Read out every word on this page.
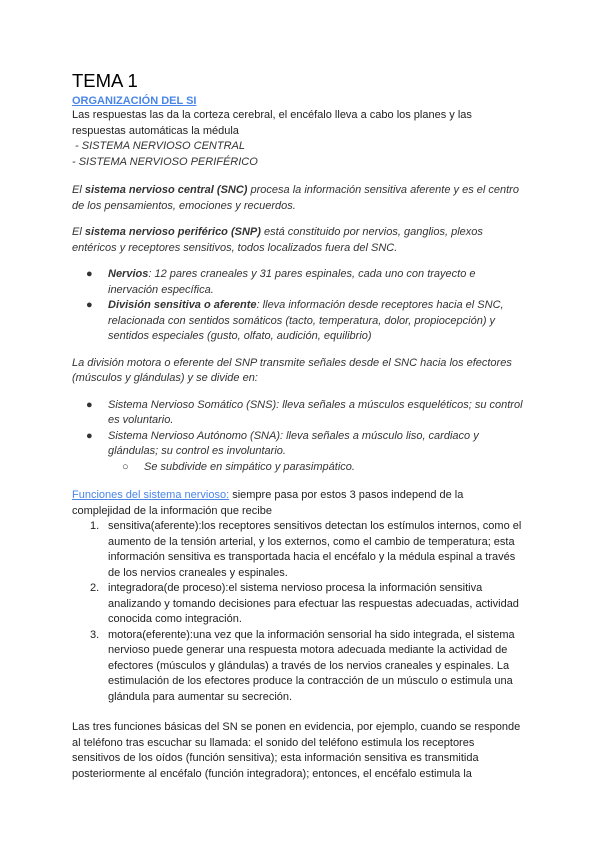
TEMA 1
ORGANIZACIÓN DEL SI

Las respuestas las da la corteza cerebral, el encéfalo lleva a cabo los planes y las

respuestas automáticas la médula

- SISTEMA NERVIOSO CENTRAL

- SISTEMA NERVIOSO PERIFÉRICO

El sistema nervioso central (SNC) procesa la información sensitiva aferente y es el centro

de los pensamientos, emociones y recuerdos.

El sistema nervioso periférico (SNP) está constituido por nervios, ganglios, plexos

entéricos y receptores sensitivos, todos localizados fuera del SNC.

● Nervios: 12 pares craneales y 31 pares espinales, cada uno con trayecto e
inervación específica.
● División sensitiva o aferente: lleva información desde receptores hacia el SNC,
relacionada con sentidos somáticos (tacto, temperatura, dolor, propiocepción) y
sentidos especiales (gusto, olfato, audición, equilibrio)

La división motora o eferente del SNP transmite señales desde el SNC hacia los efectores

(músculos y glándulas) y se divide en:

● Sistema Nervioso Somático (SNS): lleva señales a músculos esqueléticos; su control
es voluntario.
● Sistema Nervioso Autónomo (SNA): lleva señales a músculo liso, cardiaco y
glándulas; su control es involuntario.
○ Se subdivide en simpático y parasimpático.

Funciones del sistema nervioso: siempre pasa por estos 3 pasos independ de la

complejidad de la información que recibe

1. sensitiva(aferente):los receptores sensitivos detectan los estímulos internos, como el
aumento de la tensión arterial, y los externos, como el cambio de temperatura; esta
información sensitiva es transportada hacia el encéfalo y la médula espinal a través
de los nervios craneales y espinales.
2. integradora(de proceso):el sistema nervioso procesa la información sensitiva
analizando y tomando decisiones para efectuar las respuestas adecuadas, actividad
conocida como integración.
3. motora(eferente):una vez que la información sensorial ha sido integrada, el sistema
nervioso puede generar una respuesta motora adecuada mediante la actividad de
efectores (músculos y glándulas) a través de los nervios craneales y espinales. La
estimulación de los efectores produce la contracción de un músculo o estimula una
glándula para aumentar su secreción.

Las tres funciones básicas del SN se ponen en evidencia, por ejemplo, cuando se responde

al teléfono tras escuchar su llamada: el sonido del teléfono estimula los receptores

sensitivos de los oídos (función sensitiva); esta información sensitiva es transmitida

posteriormente al encéfalo (función integradora); entonces, el encéfalo estimula la
